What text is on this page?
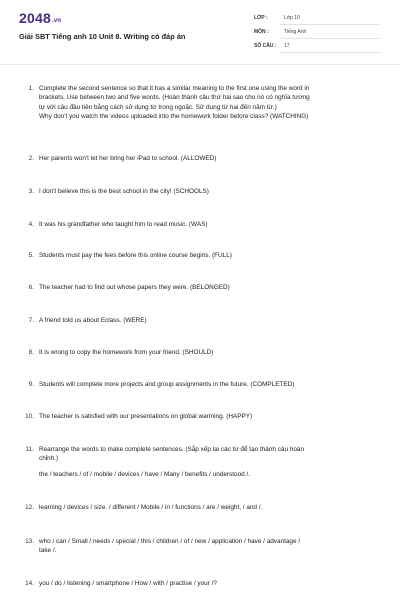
2048.vn
Giải SBT Tiếng anh 10 Unit 8. Writing có đáp án
LỚP :	Lớp 10
MÔN :	Tiếng Anh
SỐ CÂU : 17
1. Complete the second sentence so that it has a similar meaning to the first one using the word in
brackets. Use between two and five words. (Hoàn thành câu thứ hai sao cho nó có nghĩa tương
tự với câu đầu tiên bằng cách sử dụng từ trong ngoặc. Sử dụng từ hai đến năm từ.)
Why don't you watch the videos uploaded into the homework folder before class? (WATCHING)
2. Her parents won't let her bring her iPad to school. (ALLOWED)
3. I don't believe this is the best school in the city! (SCHOOLS)
4. It was his grandfather who taught him to read music. (WAS)
5. Students must pay the fees before this online course begins. (FULL)
6. The teacher had to find out whose papers they were. (BELONGED)
7. A friend told us about Eclass. (WERE)
8. It is wrong to copy the homework from your friend. (SHOULD)
9. Students will complete more projects and group assignments in the future. (COMPLETED)
10. The teacher is satisfied with our presentations on global warming. (HAPPY)
11. Rearrange the words to make complete sentences. (Sắp xếp lại các từ để tạo thành câu hoàn
chỉnh.)
the / teachers / of / mobile / devices / have / Many / benefits / understood /.
12. learning / devices / size. / different / Mobile / in / functions / are / weight, / and /.
13. who / can / Small / needs / special / this / children / of / new / application / have / advantage /
take /.
14. you / do / listening / smartphone / How / with / practise / your /?
